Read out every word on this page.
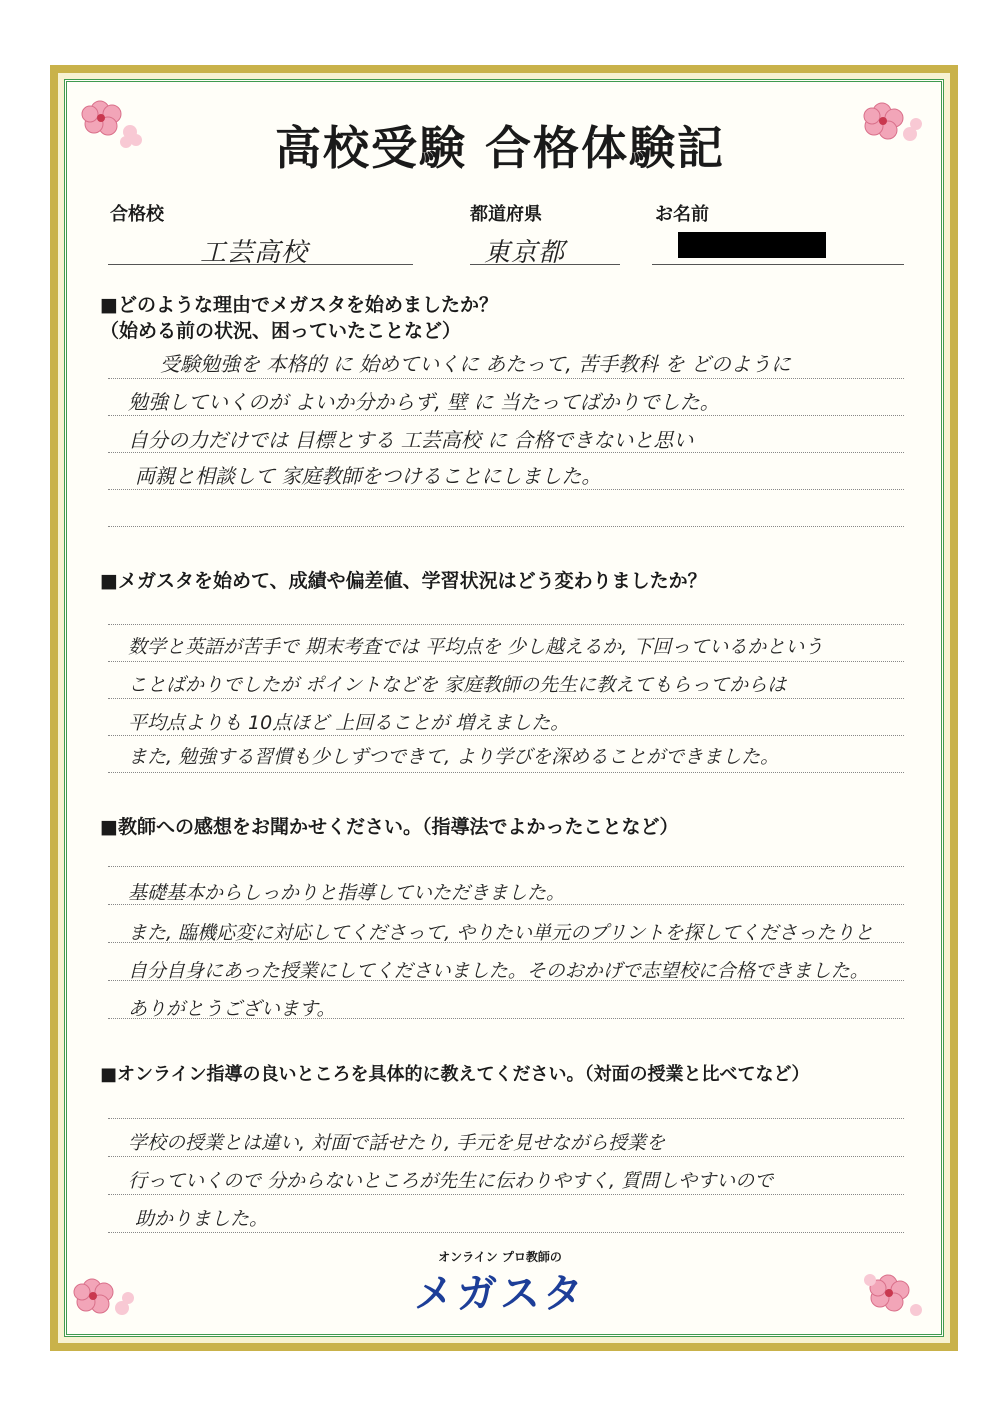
高校受験 合格体験記
合格校
工芸高校
都道府県
東京都
お名前
■どのような理由でメガスタを始めましたか？
（始める前の状況、困っていたことなど）
受験勉強を 本格的 に 始めていくに あたって, 苦手教科 を どのように
勉強していくのが よいか分からず, 壁 に 当たってばかりでした。
自分の力だけでは 目標とする 工芸高校 に 合格できないと思い
両親と相談して 家庭教師をつけることにしました。
■メガスタを始めて、成績や偏差値、学習状況はどう変わりましたか？
数学と英語が苦手で 期末考査では 平均点を 少し越えるか, 下回っているかという
ことばかりでしたが ポイントなどを 家庭教師の先生に教えてもらってからは
平均点よりも 10点ほど 上回ることが 増えました。
また, 勉強する習慣も少しずつできて, より学びを深めることができました。
■教師への感想をお聞かせください。（指導法でよかったことなど）
基礎基本からしっかりと指導していただきました。
また, 臨機応変に対応してくださって, やりたい単元のプリントを探してくださったりと
自分自身にあった授業にしてくださいました。そのおかげで志望校に合格できました。
ありがとうございます。
■オンライン指導の良いところを具体的に教えてください。（対面の授業と比べてなど）
学校の授業とは違い, 対面で話せたり, 手元を見せながら授業を
行っていくので 分からないところが先生に伝わりやすく, 質問しやすいので
助かりました。
オンライン プロ教師の
メガスタ
